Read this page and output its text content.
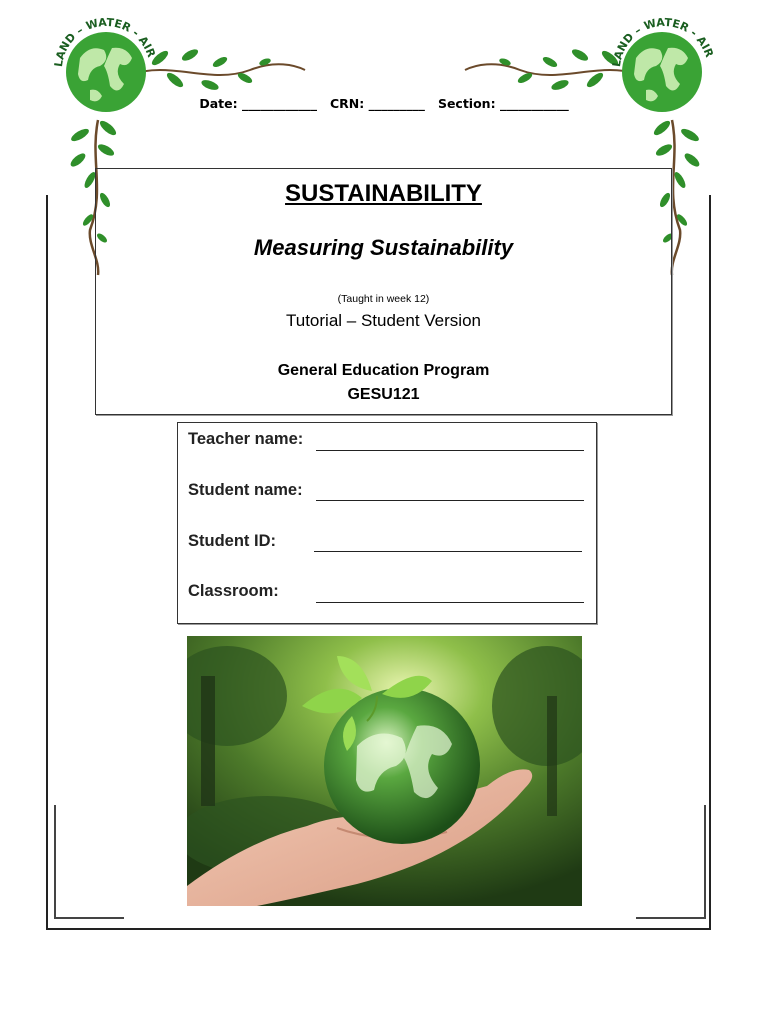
LAND – WATER - AIR
LAND – WATER - AIR
Date: ____________ CRN: _________ Section: ___________
SUSTAINABILITY
Measuring Sustainability
(Taught in week 12)
Tutorial – Student Version
General Education Program
GESU121
Teacher name:
Student name:
Student ID:
Classroom:
